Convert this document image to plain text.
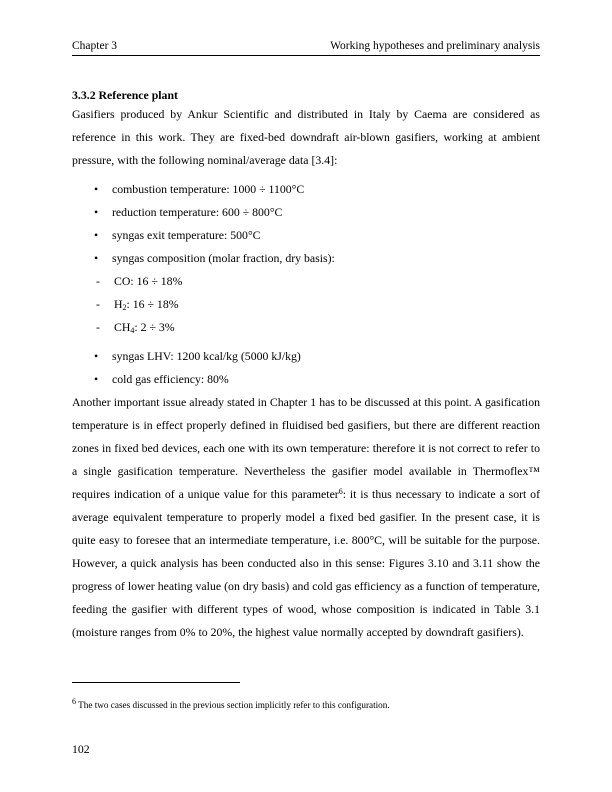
Chapter 3	Working hypotheses and preliminary analysis
3.3.2 Reference plant

Gasifiers produced by Ankur Scientific and distributed in Italy by Caema are considered as reference in this work. They are fixed-bed downdraft air-blown gasifiers, working at ambient pressure, with the following nominal/average data [3.4]:

• combustion temperature: 1000 ÷ 1100°C
• reduction temperature: 600 ÷ 800°C
• syngas exit temperature: 500°C
• syngas composition (molar fraction, dry basis):
- CO: 16 ÷ 18%
- $H_2$: 16 ÷ 18%
- $CH_4$: 2 ÷ 3%
• syngas LHV: 1200 kcal/kg (5000 kJ/kg)
• cold gas efficiency: 80%

Another important issue already stated in Chapter 1 has to be discussed at this point. A gasification temperature is in effect properly defined in fluidised bed gasifiers, but there are different reaction zones in fixed bed devices, each one with its own temperature: therefore it is not correct to refer to a single gasification temperature. Nevertheless the gasifier model available in Thermoflex™ requires indication of a unique value for this parameter$^6$: it is thus necessary to indicate a sort of average equivalent temperature to properly model a fixed bed gasifier. In the present case, it is quite easy to foresee that an intermediate temperature, i.e. 800°C, will be suitable for the purpose. However, a quick analysis has been conducted also in this sense: Figures 3.10 and 3.11 show the progress of lower heating value (on dry basis) and cold gas efficiency as a function of temperature, feeding the gasifier with different types of wood, whose composition is indicated in Table 3.1 (moisture ranges from 0% to 20%, the highest value normally accepted by downdraft gasifiers).

$^6$ The two cases discussed in the previous section implicitly refer to this configuration.
102
